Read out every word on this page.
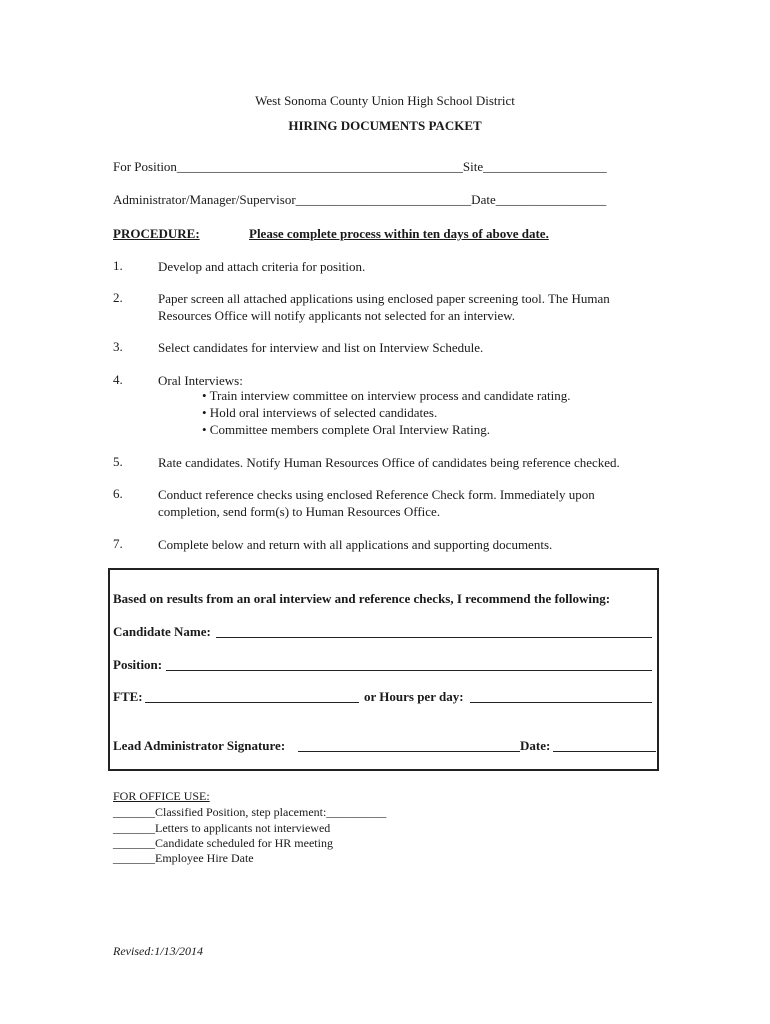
West Sonoma County Union High School District
HIRING DOCUMENTS PACKET
For Position____________________________________________Site___________________
Administrator/Manager/Supervisor___________________________Date_________________
PROCEDURE:	Please complete process within ten days of above date.
1.	Develop and attach criteria for position.
2.	Paper screen all attached applications using enclosed paper screening tool. The Human Resources Office will notify applicants not selected for an interview.
3.	Select candidates for interview and list on Interview Schedule.
4.	Oral Interviews:
• Train interview committee on interview process and candidate rating.
• Hold oral interviews of selected candidates.
• Committee members complete Oral Interview Rating.
5.	Rate candidates. Notify Human Resources Office of candidates being reference checked.
6.	Conduct reference checks using enclosed Reference Check form. Immediately upon completion, send form(s) to Human Resources Office.
7.	Complete below and return with all applications and supporting documents.
Based on results from an oral interview and reference checks, I recommend the following:
Candidate Name:
Position:
FTE:	or Hours per day:
Lead Administrator Signature:	Date:
FOR OFFICE USE:
_______Classified Position, step placement:__________
_______Letters to applicants not interviewed
_______Candidate scheduled for HR meeting
_______Employee Hire Date
Revised:1/13/2014
